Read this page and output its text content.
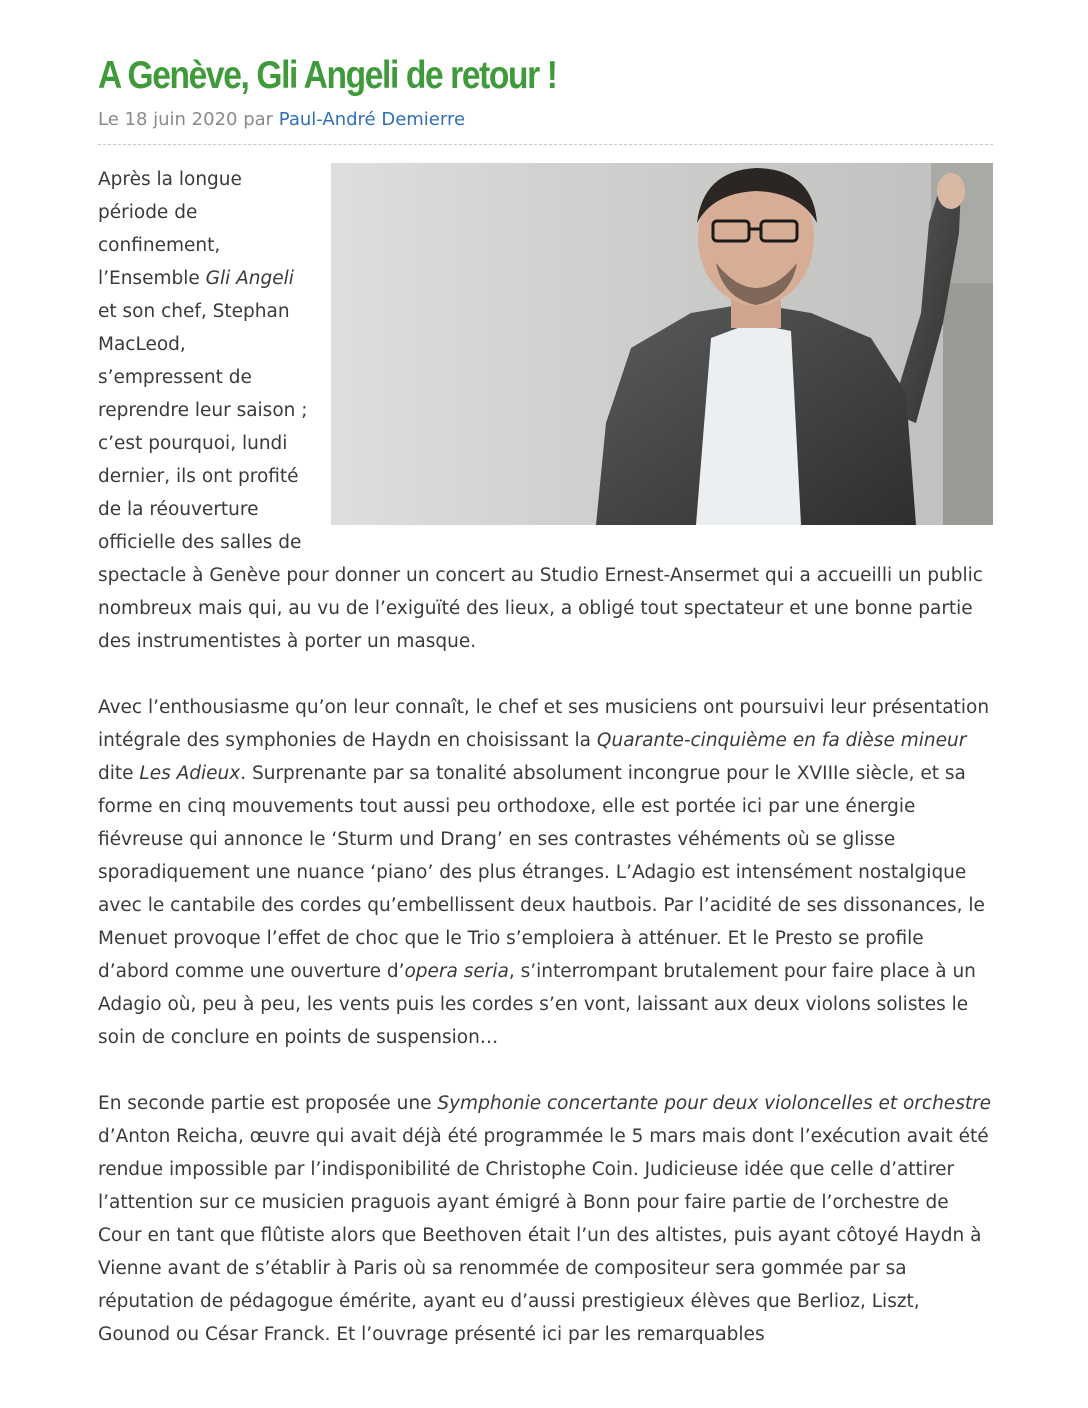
A Genève, Gli Angeli de retour !
Le 18 juin 2020 par Paul-André Demierre

Après la longue période de confinement, l’Ensemble Gli Angeli et son chef, Stephan MacLeod, s’empressent de reprendre leur saison ; c’est pourquoi, lundi dernier, ils ont profité de la réouverture officielle des salles de spectacle à Genève pour donner un concert au Studio Ernest-Ansermet qui a accueilli un public nombreux mais qui, au vu de l’exiguïté des lieux, a obligé tout spectateur et une bonne partie des instrumentistes à porter un masque.

Avec l’enthousiasme qu’on leur connaît, le chef et ses musiciens ont poursuivi leur présentation intégrale des symphonies de Haydn en choisissant la Quarante-cinquième en fa dièse mineur dite Les Adieux. Surprenante par sa tonalité absolument incongrue pour le XVIIIe siècle, et sa forme en cinq mouvements tout aussi peu orthodoxe, elle est portée ici par une énergie fiévreuse qui annonce le ‘Sturm und Drang’ en ses contrastes véhéments où se glisse sporadiquement une nuance ‘piano’ des plus étranges. L’Adagio est intensément nostalgique avec le cantabile des cordes qu’embellissent deux hautbois. Par l’acidité de ses dissonances, le Menuet provoque l’effet de choc que le Trio s’emploiera à atténuer. Et le Presto se profile d’abord comme une ouverture d’opera seria, s’interrompant brutalement pour faire place à un Adagio où, peu à peu, les vents puis les cordes s’en vont, laissant aux deux violons solistes le soin de conclure en points de suspension…

En seconde partie est proposée une Symphonie concertante pour deux violoncelles et orchestre d’Anton Reicha, œuvre qui avait déjà été programmée le 5 mars mais dont l’exécution avait été rendue impossible par l’indisponibilité de Christophe Coin. Judicieuse idée que celle d’attirer l’attention sur ce musicien praguois ayant émigré à Bonn pour faire partie de l’orchestre de Cour en tant que flûtiste alors que Beethoven était l’un des altistes, puis ayant côtoyé Haydn à Vienne avant de s’établir à Paris où sa renommée de compositeur sera gommée par sa réputation de pédagogue émérite, ayant eu d’aussi prestigieux élèves que Berlioz, Liszt, Gounod ou César Franck. Et l’ouvrage présenté ici par les remarquables
